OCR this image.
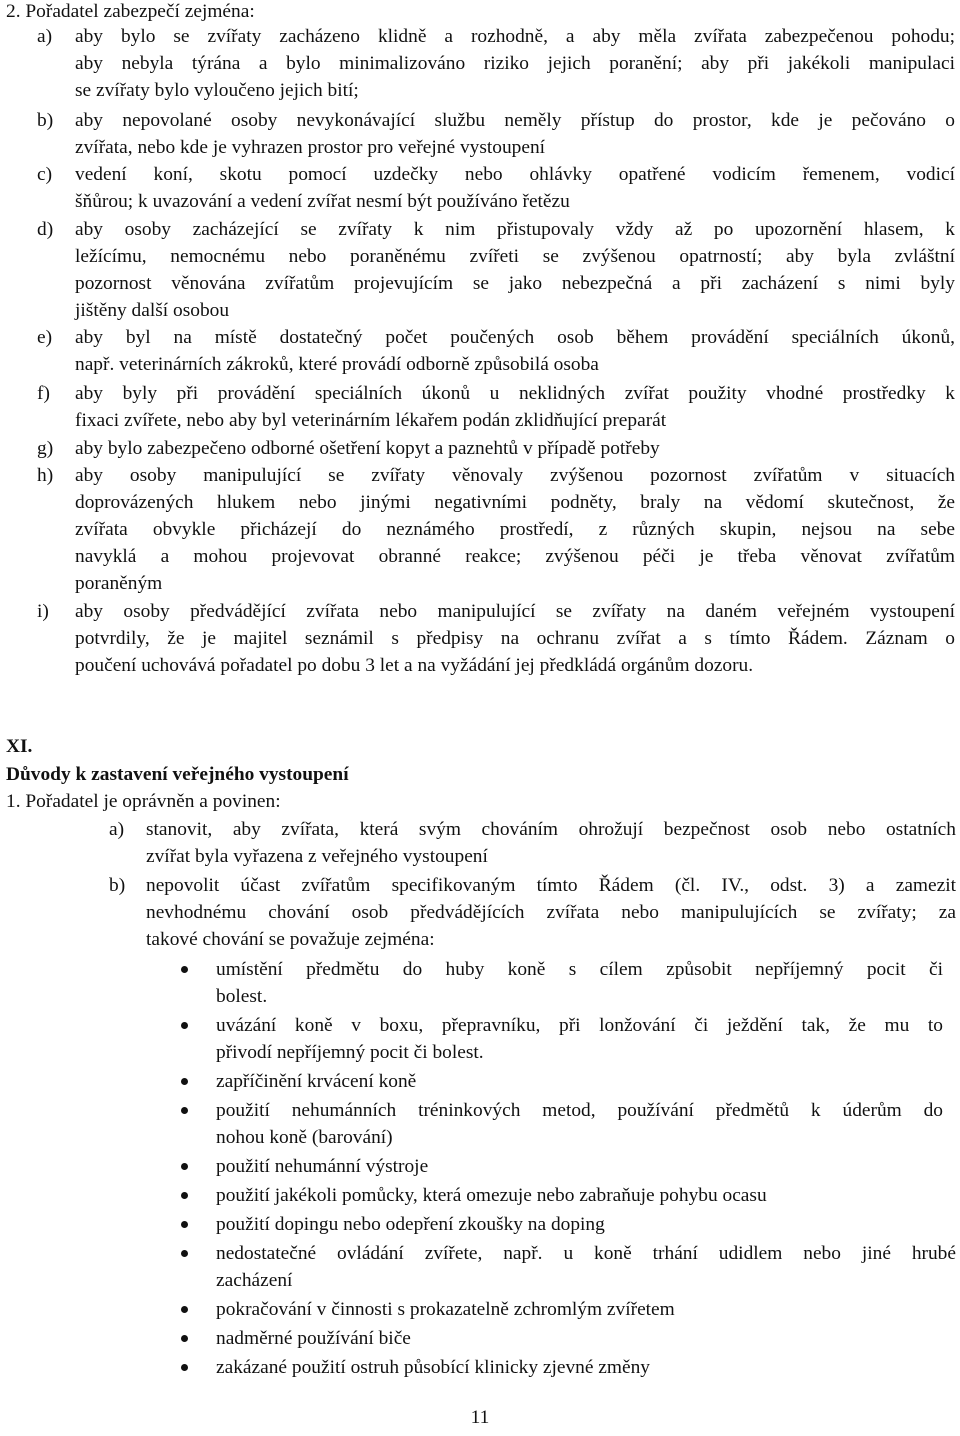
2. Pořadatel zabezpečí zejména:
a) aby bylo se zvířaty zacházeno klidně a rozhodně, a aby měla zvířata zabezpečenou pohodu;
aby nebyla týrána a bylo minimalizováno riziko jejich poranění; aby při jakékoli manipulaci
se zvířaty bylo vyloučeno jejich bití;
b) aby nepovolané osoby nevykonávající službu neměly přístup do prostor, kde je pečováno o
zvířata, nebo kde je vyhrazen prostor pro veřejné vystoupení
c) vedení koní, skotu pomocí uzdečky nebo ohlávky opatřené vodicím řemenem, vodicí
šňůrou; k uvazování a vedení zvířat nesmí být používáno řetězu
d) aby osoby zacházející se zvířaty k nim přistupovaly vždy až po upozornění hlasem, k
ležícímu, nemocnému nebo poraněnému zvířeti se zvýšenou opatrností; aby byla zvláštní
pozornost věnována zvířatům projevujícím se jako nebezpečná a při zacházení s nimi byly
jištěny další osobou
e) aby byl na místě dostatečný počet poučených osob během provádění speciálních úkonů,
např. veterinárních zákroků, které provádí odborně způsobilá osoba
f) aby byly při provádění speciálních úkonů u neklidných zvířat použity vhodné prostředky k
fixaci zvířete, nebo aby byl veterinárním lékařem podán zklidňující preparát
g) aby bylo zabezpečeno odborné ošetření kopyt a paznehtů v případě potřeby
h) aby osoby manipulující se zvířaty věnovaly zvýšenou pozornost zvířatům v situacích
doprovázených hlukem nebo jinými negativními podněty, braly na vědomí skutečnost, že
zvířata obvykle přicházejí do neznámého prostředí, z různých skupin, nejsou na sebe
navyklá a mohou projevovat obranné reakce; zvýšenou péči je třeba věnovat zvířatům
poraněným
i) aby osoby předvádějící zvířata nebo manipulující se zvířaty na daném veřejném vystoupení
potvrdily, že je majitel seznámil s předpisy na ochranu zvířat a s tímto Řádem. Záznam o
poučení uchovává pořadatel po dobu 3 let a na vyžádání jej předkládá orgánům dozoru.
XI.
Důvody k zastavení veřejného vystoupení
1. Pořadatel je oprávněn a povinen:
a) stanovit, aby zvířata, která svým chováním ohrožují bezpečnost osob nebo ostatních
zvířat byla vyřazena z veřejného vystoupení
b) nepovolit účast zvířatům specifikovaným tímto Řádem (čl. IV., odst. 3) a zamezit
nevhodnému chování osob předvádějících zvířata nebo manipulujících se zvířaty; za
takové chování se považuje zejména:
umístění předmětu do huby koně s cílem způsobit nepříjemný pocit či
bolest.
uvázání koně v boxu, přepravníku, při lonžování či ježdění tak, že mu to
přivodí nepříjemný pocit či bolest.
zapříčinění krvácení koně
použití nehumánních tréninkových metod, používání předmětů k úderům do
nohou koně (barování)
použití nehumánní výstroje
použití jakékoli pomůcky, která omezuje nebo zabraňuje pohybu ocasu
použití dopingu nebo odepření zkoušky na doping
nedostatečné ovládání zvířete, např. u koně trhání udidlem nebo jiné hrubé
zacházení
pokračování v činnosti s prokazatelně zchromlým zvířetem
nadměrné používání biče
zakázané použití ostruh působící klinicky zjevné změny
11
